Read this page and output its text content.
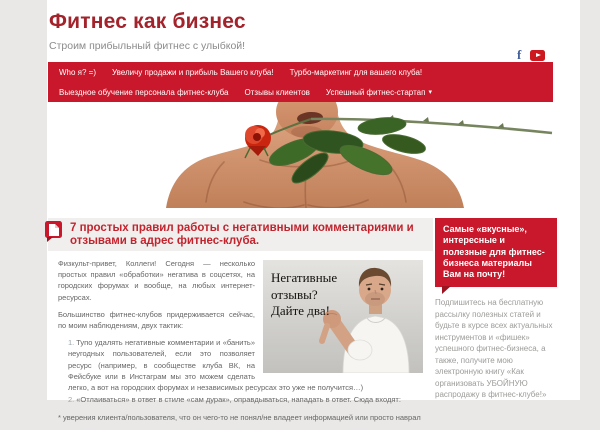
Фитнес как бизнес
Строим прибыльный фитнес с улыбкой!
f
Who я? =) Увеличу продажи и прибыль Вашего клуба! Турбо-маркетинг для вашего клуба!
Выездное обучение персонала фитнес-клуба Отзывы клиентов Успешный фитнес-стартап ▾
7 простых правил работы с негативными комментариями и отзывами в адрес фитнес-клуба.
Негативные
отзывы?
Дайте два!

Физкульт-привет, Коллеги! Сегодня — несколько простых правил «обработки» негатива в соцсетях, на городских форумах и вообще, на любых интернет-ресурсах.

Большинство фитнес-клубов придерживается сейчас, по моим наблюдениям, двух тактик:

1. Тупо удалять негативные комментарии и «банить» неугодных пользователей, если это позволяет ресурс (например, в сообществе клуба ВК, на Фейсбуке или в Инстаграм мы это можем сделать легко, а вот на городских форумах и независимых ресурсах это уже не получится…)
2. «Отлаиваться» в ответ в стиле «сам дурак», оправдываться, нападать в ответ. Сюда входят:

* уверения клиента/пользователя, что он чего-то не понял/не владеет информацией или просто наврал

Самые «вкусные», интересные и полезные для фитнес-бизнеса материалы Вам на почту!
Подпишитесь на бесплатную рассылку полезных статей и будьте в курсе всех актуальных инструментов и «фишек» успешного фитнес-бизнеса, а также, получите мою электронную книгу «Как организовать УБОЙНУЮ распродажу в фитнес-клубе!»
